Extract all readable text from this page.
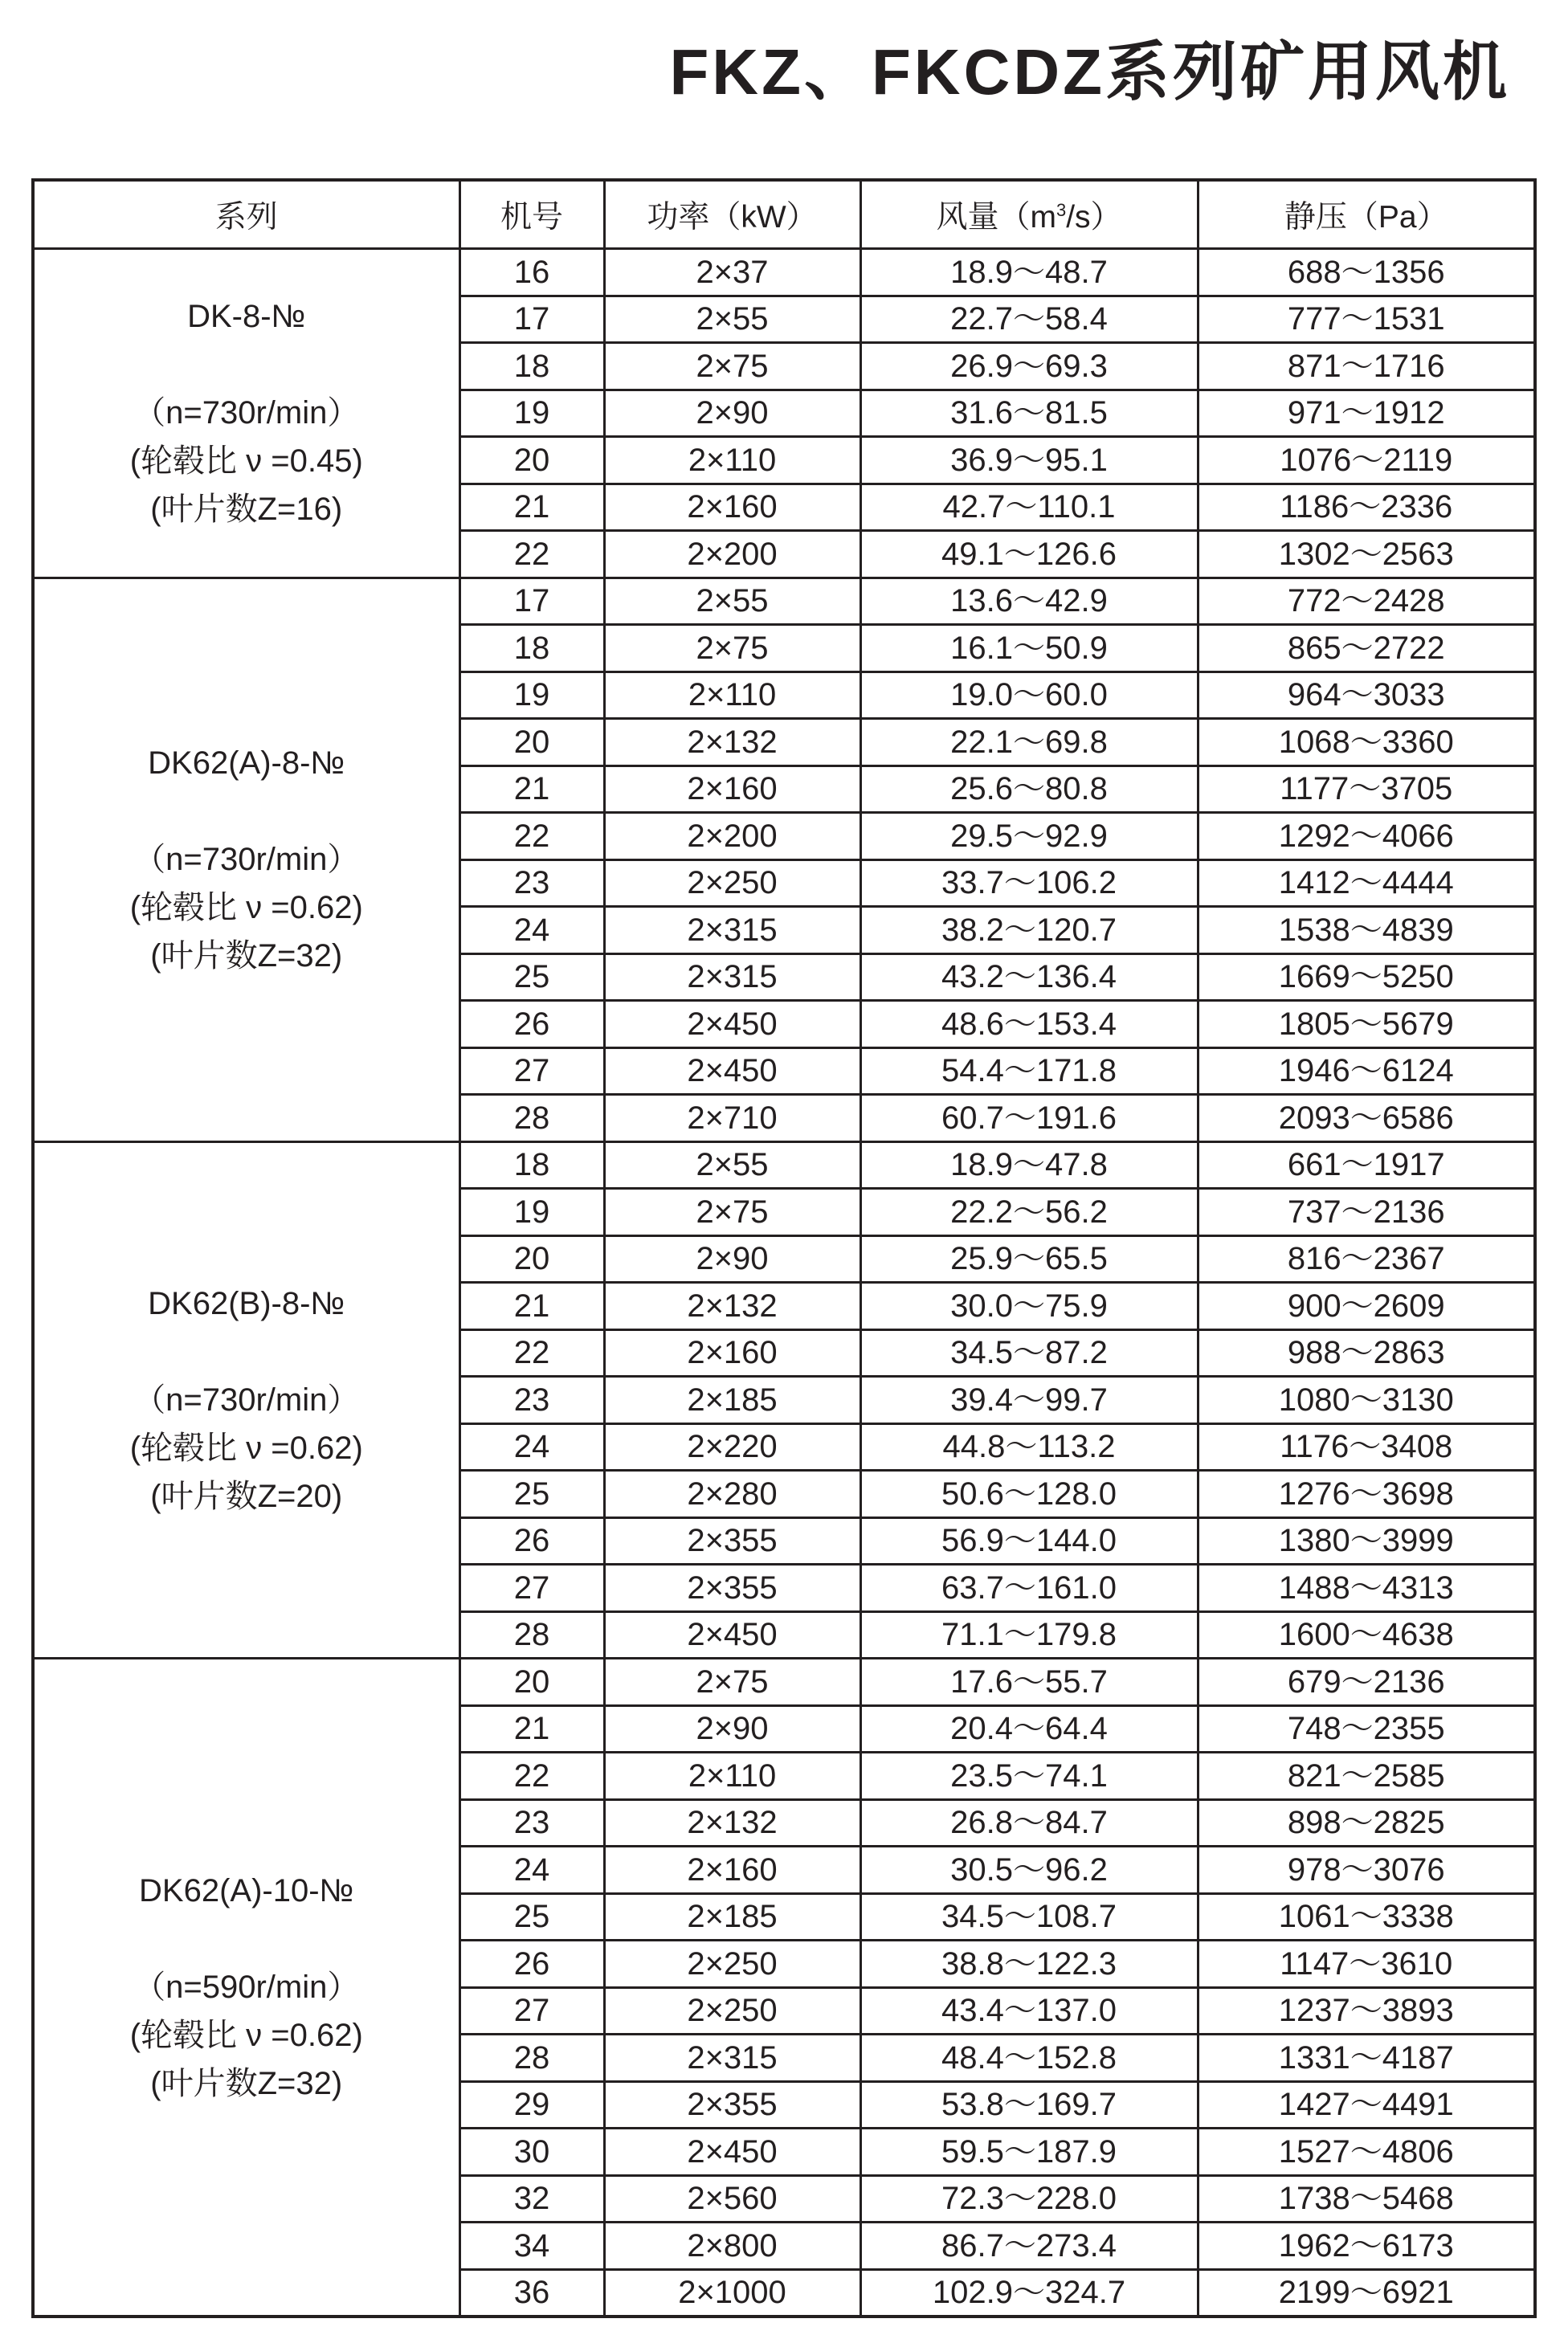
FKZ、FKCDZ系列矿用风机
系列	机号	功率（kW）	风量$(m^3/s)$	静压（Pa）

DK-8-№
（n=730r/min）
(轮毂比 ν =0.45)
(叶片数Z=16)	16	2×37	18.9～48.7	688～1356
	17	2×55	22.7～58.4	777～1531
	18	2×75	26.9～69.3	871～1716
	19	2×90	31.6～81.5	971～1912
	20	2×110	36.9～95.1	1076～2119
	21	2×160	42.7～110.1	1186～2336
	22	2×200	49.1～126.6	1302～2563

DK62(A)-8-№
（n=730r/min）
(轮毂比 ν =0.62)
(叶片数Z=32)	17	2×55	13.6～42.9	772～2428
	18	2×75	16.1～50.9	865～2722
	19	2×110	19.0～60.0	964～3033
	20	2×132	22.1～69.8	1068～3360
	21	2×160	25.6～80.8	1177～3705
	22	2×200	29.5～92.9	1292～4066
	23	2×250	33.7～106.2	1412～4444
	24	2×315	38.2～120.7	1538～4839
	25	2×315	43.2～136.4	1669～5250
	26	2×450	48.6～153.4	1805～5679
	27	2×450	54.4～171.8	1946～6124
	28	2×710	60.7～191.6	2093～6586

DK62(B)-8-№
（n=730r/min）
(轮毂比 ν =0.62)
(叶片数Z=20)	18	2×55	18.9～47.8	661～1917
	19	2×75	22.2～56.2	737～2136
	20	2×90	25.9～65.5	816～2367
	21	2×132	30.0～75.9	900～2609
	22	2×160	34.5～87.2	988～2863
	23	2×185	39.4～99.7	1080～3130
	24	2×220	44.8～113.2	1176～3408
	25	2×280	50.6～128.0	1276～3698
	26	2×355	56.9～144.0	1380～3999
	27	2×355	63.7～161.0	1488～4313
	28	2×450	71.1～179.8	1600～4638

DK62(A)-10-№
（n=590r/min）
(轮毂比 ν =0.62)
(叶片数Z=32)	20	2×75	17.6～55.7	679～2136
	21	2×90	20.4～64.4	748～2355
	22	2×110	23.5～74.1	821～2585
	23	2×132	26.8～84.7	898～2825
	24	2×160	30.5～96.2	978～3076
	25	2×185	34.5～108.7	1061～3338
	26	2×250	38.8～122.3	1147～3610
	27	2×250	43.4～137.0	1237～3893
	28	2×315	48.4～152.8	1331～4187
	29	2×355	53.8～169.7	1427～4491
	30	2×450	59.5～187.9	1527～4806
	32	2×560	72.3～228.0	1738～5468
	34	2×800	86.7～273.4	1962～6173
	36	2×1000	102.9～324.7	2199～6921
